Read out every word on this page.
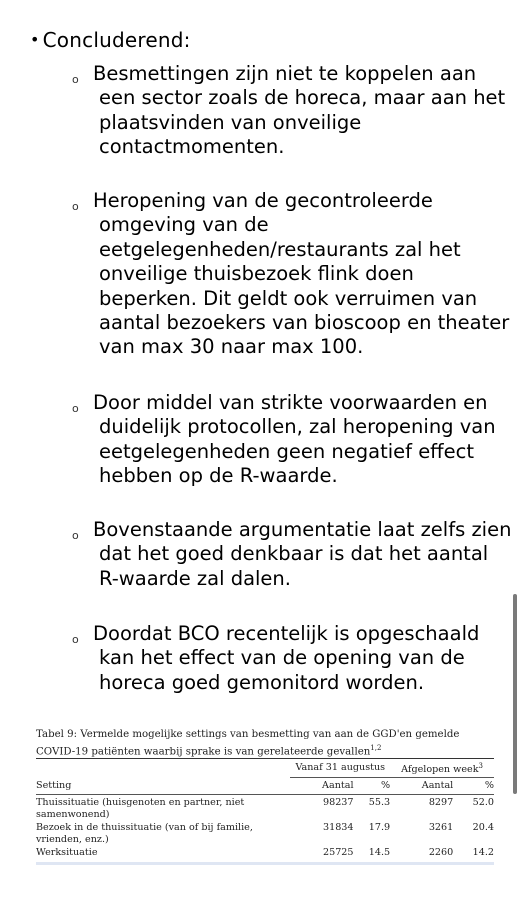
• Concluderend:
o Besmettingen zijn niet te koppelen aan een sector zoals de horeca, maar aan het plaatsvinden van onveilige contactmomenten.
o Heropening van de gecontroleerde omgeving van de eetgelegenheden/restaurants zal het onveilige thuisbezoek flink doen beperken. Dit geldt ook verruimen van aantal bezoekers van bioscoop en theater van max 30 naar max 100.
o Door middel van strikte voorwaarden en duidelijk protocollen, zal heropening van eetgelegenheden geen negatief effect hebben op de R-waarde.
o Bovenstaande argumentatie laat zelfs zien dat het goed denkbaar is dat het aantal R-waarde zal dalen.
o Doordat BCO recentelijk is opgeschaald kan het effect van de opening van de horeca goed gemonitord worden.
Tabel 9: Vermelde mogelijke settings van besmetting van aan de GGD'en gemelde COVID-19 patiënten waarbij sprake is van gerelateerde gevallen$^{1,2}$
	Vanaf 31 augustus		Afgelopen week$^3$
Setting	Aantal	%	Aantal	%
Thuissituatie (huisgenoten en partner, niet samenwonend)	98237	55.3	8297	52.0
Bezoek in de thuissituatie (van of bij familie, vrienden, enz.)	31834	17.9	3261	20.4
Werksituatie	25725	14.5	2260	14.2
